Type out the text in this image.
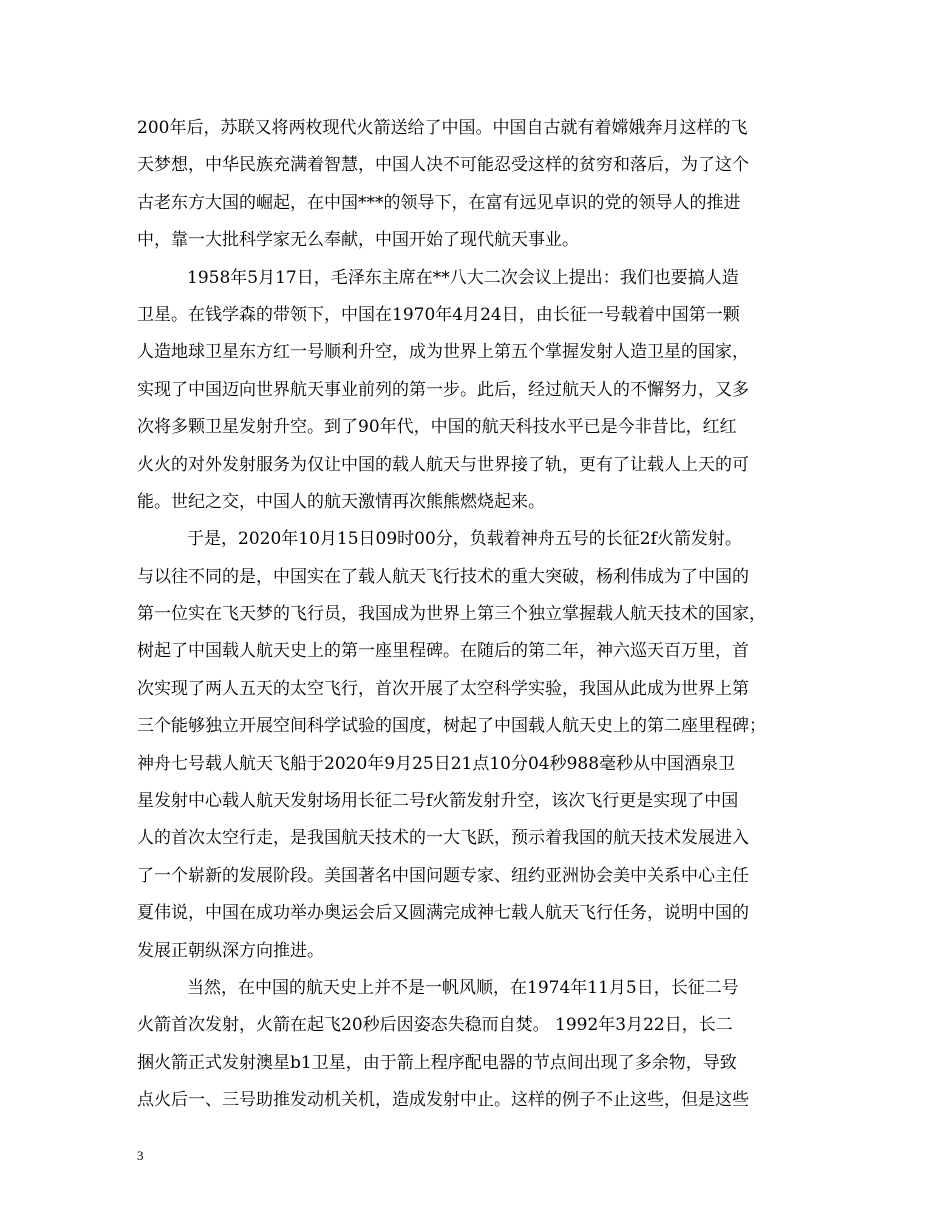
200年后，苏联又将两枚现代火箭送给了中国。中国自古就有着嫦娥奔月这样的飞
天梦想，中华民族充满着智慧，中国人决不可能忍受这样的贫穷和落后，为了这个
古老东方大国的崛起，在中国***的领导下，在富有远见卓识的党的领导人的推进
中，靠一大批科学家无么奉献，中国开始了现代航天事业。
1958年5月17日，毛泽东主席在**八大二次会议上提出：我们也要搞人造
卫星。在钱学森的带领下，中国在1970年4月24日，由长征一号载着中国第一颗
人造地球卫星东方红一号顺利升空，成为世界上第五个掌握发射人造卫星的国家，
实现了中国迈向世界航天事业前列的第一步。此后，经过航天人的不懈努力，又多
次将多颗卫星发射升空。到了90年代，中国的航天科技水平已是今非昔比，红红
火火的对外发射服务为仅让中国的载人航天与世界接了轨，更有了让载人上天的可
能。世纪之交，中国人的航天激情再次熊熊燃烧起来。
于是，2020年10月15日09时00分，负载着神舟五号的长征2f火箭发射。
与以往不同的是，中国实在了载人航天飞行技术的重大突破，杨利伟成为了中国的
第一位实在飞天梦的飞行员，我国成为世界上第三个独立掌握载人航天技术的国家，
树起了中国载人航天史上的第一座里程碑。在随后的第二年，神六巡天百万里，首
次实现了两人五天的太空飞行，首次开展了太空科学实验，我国从此成为世界上第
三个能够独立开展空间科学试验的国度，树起了中国载人航天史上的第二座里程碑；
神舟七号载人航天飞船于2020年9月25日21点10分04秒988毫秒从中国酒泉卫
星发射中心载人航天发射场用长征二号f火箭发射升空，该次飞行更是实现了中国
人的首次太空行走，是我国航天技术的一大飞跃，预示着我国的航天技术发展进入
了一个崭新的发展阶段。美国著名中国问题专家、纽约亚洲协会美中关系中心主任
夏伟说，中国在成功举办奥运会后又圆满完成神七载人航天飞行任务，说明中国的
发展正朝纵深方向推进。
当然，在中国的航天史上并不是一帆风顺，在1974年11月5日，长征二号
火箭首次发射，火箭在起飞20秒后因姿态失稳而自焚。 1992年3月22日，长二
捆火箭正式发射澳星b1卫星，由于箭上程序配电器的节点间出现了多余物，导致
点火后一、三号助推发动机关机，造成发射中止。这样的例子不止这些，但是这些
3
